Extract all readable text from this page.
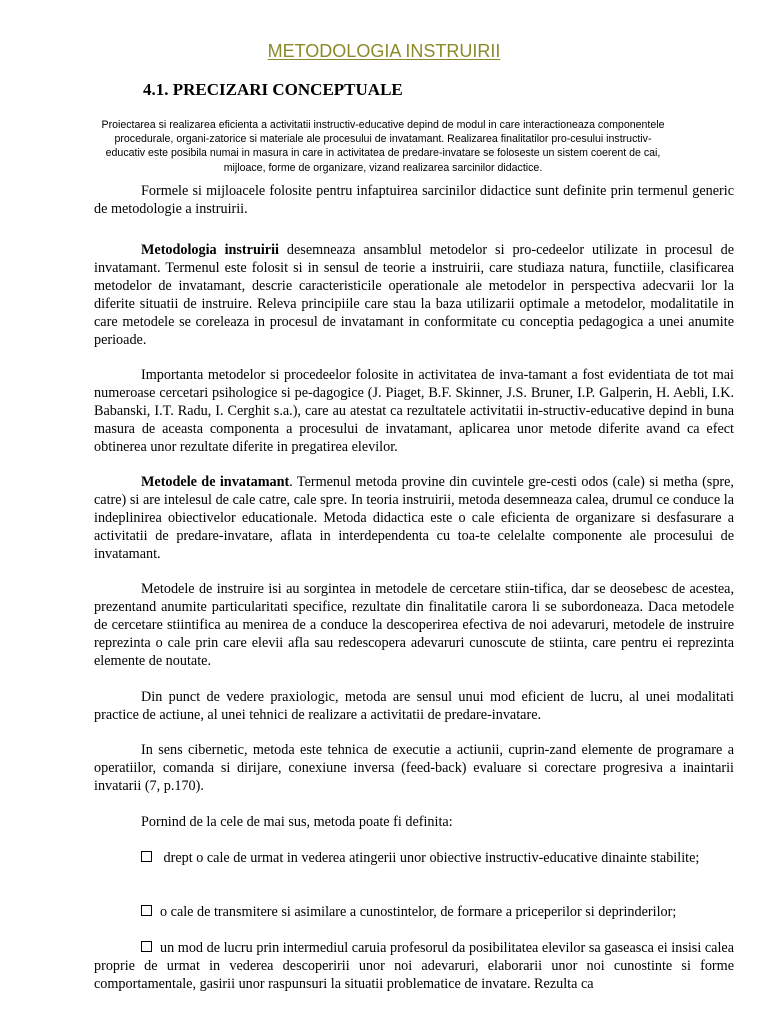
METODOLOGIA INSTRUIRII
4.1. PRECIZARI CONCEPTUALE

Proiectarea si realizarea eficienta a activitatii instructiv-educative depind de modul in care interactioneaza componentele procedurale, organi-zatorice si materiale ale procesului de invatamant. Realizarea finalitatilor pro-cesului instructiv-educativ este posibila numai in masura in care in activitatea de predare-invatare se foloseste un sistem coerent de cai, mijloace, forme de organizare, vizand realizarea sarcinilor didactice.

Formele si mijloacele folosite pentru infaptuirea sarcinilor didactice sunt definite prin termenul generic de metodologie a instruirii.

Metodologia instruirii desemneaza ansamblul metodelor si pro-cedeelor utilizate in procesul de invatamant. Termenul este folosit si in sensul de teorie a instruirii, care studiaza natura, functiile, clasificarea metodelor de invatamant, descrie caracteristicile operationale ale metodelor in perspectiva adecvarii lor la diferite situatii de instruire. Releva principiile care stau la baza utilizarii optimale a metodelor, modalitatile in care metodele se coreleaza in procesul de invatamant in conformitate cu conceptia pedagogica a unei anumite perioade.

Importanta metodelor si procedeelor folosite in activitatea de inva-tamant a fost evidentiata de tot mai numeroase cercetari psihologice si pe-dagogice (J. Piaget, B.F. Skinner, J.S. Bruner, I.P. Galperin, H. Aebli, I.K. Babanski, I.T. Radu, I. Cerghit s.a.), care au atestat ca rezultatele activitatii in-structiv-educative depind in buna masura de aceasta componenta a procesului de invatamant, aplicarea unor metode diferite avand ca efect obtinerea unor rezultate diferite in pregatirea elevilor.

Metodele de invatamant. Termenul metoda provine din cuvintele gre-cesti odos (cale) si metha (spre, catre) si are intelesul de cale catre, cale spre. In teoria instruirii, metoda desemneaza calea, drumul ce conduce la indeplinirea obiectivelor educationale. Metoda didactica este o cale eficienta de organizare si desfasurare a activitatii de predare-invatare, aflata in interdependenta cu toa-te celelalte componente ale procesului de invatamant.

Metodele de instruire isi au sorgintea in metodele de cercetare stiin-tifica, dar se deosebesc de acestea, prezentand anumite particularitati specifice, rezultate din finalitatile carora li se subordoneaza. Daca metodele de cercetare stiintifica au menirea de a conduce la descoperirea efectiva de noi adevaruri, metodele de instruire reprezinta o cale prin care elevii afla sau redescopera adevaruri cunoscute de stiinta, care pentru ei reprezinta elemente de noutate.

Din punct de vedere praxiologic, metoda are sensul unui mod eficient de lucru, al unei modalitati practice de actiune, al unei tehnici de realizare a activitatii de predare-invatare.

In sens cibernetic, metoda este tehnica de executie a actiunii, cuprin-zand elemente de programare a operatiilor, comanda si dirijare, conexiune inversa (feed-back) evaluare si corectare progresiva a inaintarii invatarii (7, p.170).

Pornind de la cele de mai sus, metoda poate fi definita:

drept o cale de urmat in vederea atingerii unor obiective instructiv-educative dinainte stabilite;

o cale de transmitere si asimilare a cunostintelor, de formare a priceperilor si deprinderilor;

un mod de lucru prin intermediul caruia profesorul da posibilitatea elevilor sa gaseasca ei insisi calea proprie de urmat in vederea descoperirii unor noi adevaruri, elaborarii unor noi cunostinte si forme comportamentale, gasirii unor raspunsuri la situatii problematice de invatare. Rezulta ca
